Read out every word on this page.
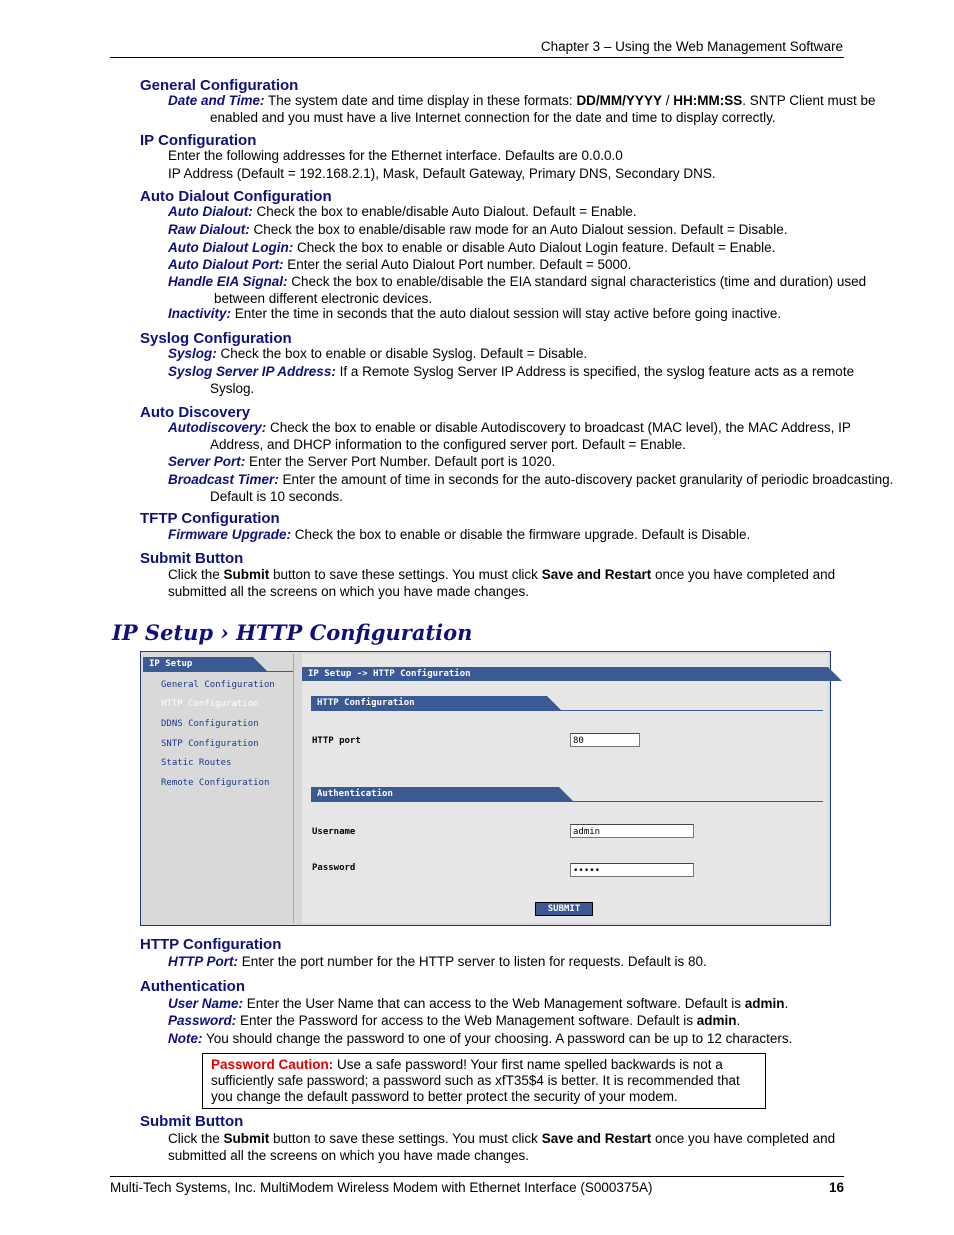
Chapter 3 – Using the Web Management Software
General Configuration
Date and Time: The system date and time display in these formats: DD/MM/YYYY / HH:MM:SS. SNTP Client must be enabled and you must have a live Internet connection for the date and time to display correctly.
IP Configuration
Enter the following addresses for the Ethernet interface. Defaults are 0.0.0.0
IP Address (Default = 192.168.2.1), Mask, Default Gateway, Primary DNS, Secondary DNS.
Auto Dialout Configuration
Auto Dialout: Check the box to enable/disable Auto Dialout. Default = Enable.
Raw Dialout: Check the box to enable/disable raw mode for an Auto Dialout session. Default = Disable.
Auto Dialout Login: Check the box to enable or disable Auto Dialout Login feature. Default = Enable.
Auto Dialout Port: Enter the serial Auto Dialout Port number. Default = 5000.
Handle EIA Signal: Check the box to enable/disable the EIA standard signal characteristics (time and duration) used between different electronic devices.
Inactivity: Enter the time in seconds that the auto dialout session will stay active before going inactive.
Syslog Configuration
Syslog: Check the box to enable or disable Syslog. Default = Disable.
Syslog Server IP Address: If a Remote Syslog Server IP Address is specified, the syslog feature acts as a remote Syslog.
Auto Discovery
Autodiscovery: Check the box to enable or disable Autodiscovery to broadcast (MAC level), the MAC Address, IP Address, and DHCP information to the configured server port. Default = Enable.
Server Port: Enter the Server Port Number. Default port is 1020.
Broadcast Timer: Enter the amount of time in seconds for the auto-discovery packet granularity of periodic broadcasting. Default is 10 seconds.
TFTP Configuration
Firmware Upgrade: Check the box to enable or disable the firmware upgrade. Default is Disable.
Submit Button
Click the Submit button to save these settings. You must click Save and Restart once you have completed and submitted all the screens on which you have made changes.
IP Setup › HTTP Configuration
IP Setup
General Configuration
HTTP Configuration
DDNS Configuration
SNTP Configuration
Static Routes
Remote Configuration
IP Setup -> HTTP Configuration
HTTP Configuration
HTTP port	80
Authentication
Username	admin
Password	•••••
SUBMIT
HTTP Configuration
HTTP Port: Enter the port number for the HTTP server to listen for requests. Default is 80.
Authentication
User Name: Enter the User Name that can access to the Web Management software. Default is admin.
Password: Enter the Password for access to the Web Management software. Default is admin.
Note: You should change the password to one of your choosing. A password can be up to 12 characters.
Password Caution: Use a safe password! Your first name spelled backwards is not a sufficiently safe password; a password such as xfT35$4 is better. It is recommended that you change the default password to better protect the security of your modem.
Submit Button
Click the Submit button to save these settings. You must click Save and Restart once you have completed and submitted all the screens on which you have made changes.
Multi-Tech Systems, Inc. MultiModem Wireless Modem with Ethernet Interface (S000375A)	16
